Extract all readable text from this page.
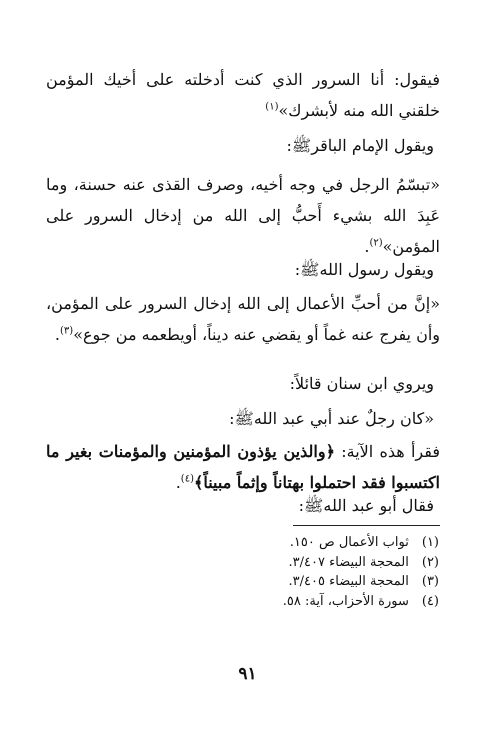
فيقول: أنا السرور الذي كنت أدخلته على أخيك المؤمن خلقني الله منه لأبشرك»$^{(١)}$

ويقول الإمام الباقرﷺ:

«تبسّمُ الرجل في وجه أخيه، وصرف القذى عنه حسنة، وما عَبِدَ الله بشيء أَحبُّ إلى الله من إدخال السرور على المؤمن»$^{(٢)}$.

ويقول رسول اللهﷺ:

«إنَّ من أحبِّ الأعمال إلى الله إدخال السرور على المؤمن، وأن يفرج عنه غماً أو يقضي عنه ديناً، أويطعمه من جوع»$^{(٣)}$.

ويروي ابن سنان قائلاً:

«كان رجلٌ عند أبي عبد اللهﷺ:

فقرأ هذه الآية: ﴿والذين يؤذون المؤمنين والمؤمنات بغير ما اكتسبوا فقد احتملوا بهتاناً وإثماً مبيناً﴾$^{(٤)}$.

فقال أبو عبد اللهﷺ:

(١) ثواب الأعمال ص ١٥٠.
(٢) المحجة البيضاء ٣/٤٠٧.
(٣) المحجة البيضاء ٣/٤٠٥.
(٤) سورة الأحزاب، آية: ٥٨.
٩١
